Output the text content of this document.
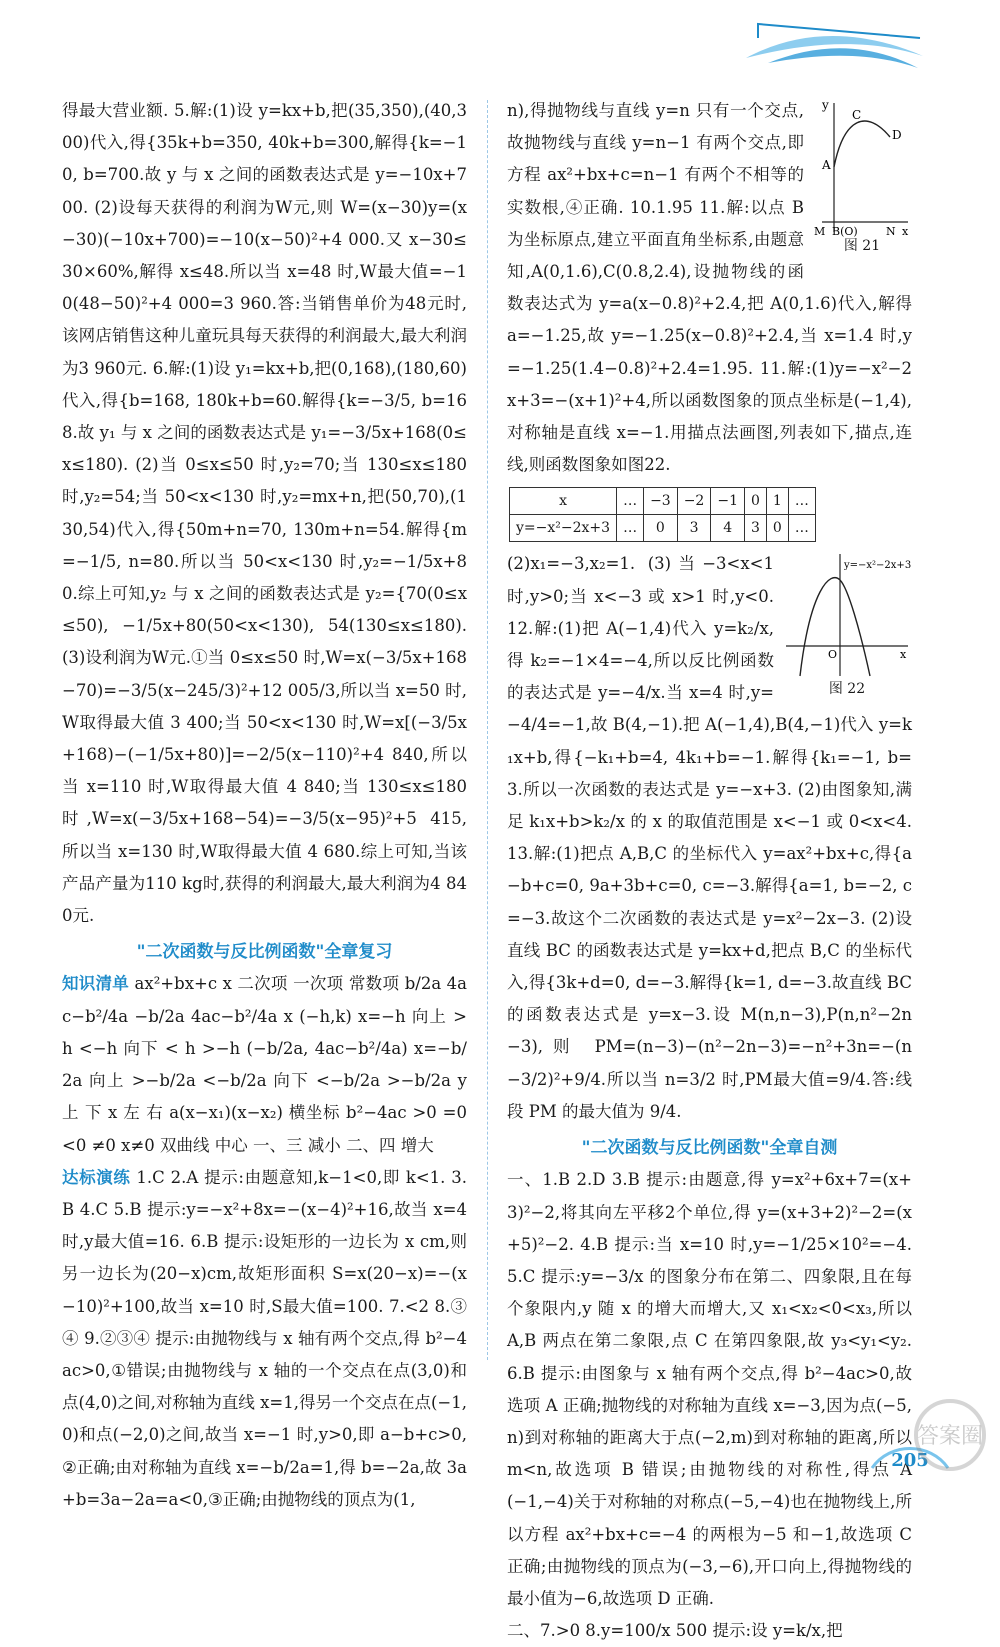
得最大营业额. 5.解:(1)设 y=kx+b,把(35,350),(40,300)代入,得{35k+b=350, 40k+b=300,解得{k=−10, b=700.故 y 与 x 之间的函数表达式是 y=−10x+700. (2)设每天获得的利润为W元,则 W=(x−30)y=(x−30)(−10x+700)=−10(x−50)²+4 000.又 x−30≤30×60%,解得 x≤48.所以当 x=48 时,W最大值=−10(48−50)²+4 000=3 960.答:当销售单价为48元时,该网店销售这种儿童玩具每天获得的利润最大,最大利润为3 960元. 6.解:(1)设 y₁=kx+b,把(0,168),(180,60)代入,得{b=168, 180k+b=60.解得{k=−3/5, b=168.故 y₁ 与 x 之间的函数表达式是 y₁=−3/5x+168(0≤x≤180). (2)当 0≤x≤50 时,y₂=70;当 130≤x≤180 时,y₂=54;当 50<x<130 时,y₂=mx+n,把(50,70),(130,54)代入,得{50m+n=70, 130m+n=54.解得{m=−1/5, n=80.所以当 50<x<130 时,y₂=−1/5x+80.综上可知,y₂ 与 x 之间的函数表达式是 y₂={70(0≤x≤50), −1/5x+80(50<x<130), 54(130≤x≤180). (3)设利润为W元.①当 0≤x≤50 时,W=x(−3/5x+168−70)=−3/5(x−245/3)²+12 005/3,所以当 x=50 时,W取得最大值 3 400;当 50<x<130 时,W=x[(−3/5x+168)−(−1/5x+80)]=−2/5(x−110)²+4 840,所以当 x=110 时,W取得最大值 4 840;当 130≤x≤180 时,W=x(−3/5x+168−54)=−3/5(x−95)²+5 415,所以当 x=130 时,W取得最大值 4 680.综上可知,当该产品产量为110 kg时,获得的利润最大,最大利润为4 840元.

"二次函数与反比例函数"全章复习

知识清单 ax²+bx+c x 二次项 一次项 常数项 b/2a 4ac−b²/4a −b/2a 4ac−b²/4a x (−h,k) x=−h 向上 > h <−h 向下 < h >−h (−b/2a, 4ac−b²/4a) x=−b/2a 向上 >−b/2a <−b/2a 向下 <−b/2a >−b/2a y 上 下 x 左 右 a(x−x₁)(x−x₂) 横坐标 b²−4ac >0 =0 <0 ≠0 x≠0 双曲线 中心 一、三 减小 二、四 增大

达标演练 1.C 2.A 提示:由题意知,k−1<0,即 k<1. 3.B 4.C 5.B 提示:y=−x²+8x=−(x−4)²+16,故当 x=4 时,y最大值=16. 6.B 提示:设矩形的一边长为 x cm,则另一边长为(20−x)cm,故矩形面积 S=x(20−x)=−(x−10)²+100,故当 x=10 时,S最大值=100. 7.<2 8.③④ 9.②③④ 提示:由抛物线与 x 轴有两个交点,得 b²−4ac>0,①错误;由抛物线与 x 轴的一个交点在点(3,0)和点(4,0)之间,对称轴为直线 x=1,得另一个交点在点(−1,0)和点(−2,0)之间,故当 x=−1 时,y>0,即 a−b+c>0,②正确;由对称轴为直线 x=−b/2a=1,得 b=−2a,故 3a+b=3a−2a=a<0,③正确;由抛物线的顶点为(1,

y
C
D
A
M B(O)	N x
图 21

n),得抛物线与直线 y=n 只有一个交点,故抛物线与直线 y=n−1 有两个交点,即方程 ax²+bx+c=n−1 有两个不相等的实数根,④正确. 10.1.95 11.解:以点 B 为坐标原点,建立平面直角坐标系,由题意知,A(0,1.6),C(0.8,2.4),设抛物线的函数表达式为 y=a(x−0.8)²+2.4,把 A(0,1.6)代入,解得 a=−1.25,故 y=−1.25(x−0.8)²+2.4,当 x=1.4 时,y=−1.25(1.4−0.8)²+2.4=1.95. 11.解:(1)y=−x²−2x+3=−(x+1)²+4,所以函数图象的顶点坐标是(−1,4),对称轴是直线 x=−1.用描点法画图,列表如下,描点,连线,则函数图象如图22.

x	…	−3	−2	−1	0	1	…
y=−x²−2x+3	…	0	3	4	3	0	…
y=−x²−2x+3
O	x
图 22

(2)x₁=−3,x₂=1. (3)当−3<x<1 时,y>0;当 x<−3 或 x>1 时,y<0. 12.解:(1)把 A(−1,4)代入 y=k₂/x,得 k₂=−1×4=−4,所以反比例函数的表达式是 y=−4/x.当 x=4 时,y=−4/4=−1,故 B(4,−1).把 A(−1,4),B(4,−1)代入 y=k₁x+b,得{−k₁+b=4, 4k₁+b=−1.解得{k₁=−1, b=3.所以一次函数的表达式是 y=−x+3. (2)由图象知,满足 k₁x+b>k₂/x 的 x 的取值范围是 x<−1 或 0<x<4. 13.解:(1)把点 A,B,C 的坐标代入 y=ax²+bx+c,得{a−b+c=0, 9a+3b+c=0, c=−3.解得{a=1, b=−2, c=−3.故这个二次函数的表达式是 y=x²−2x−3. (2)设直线 BC 的函数表达式是 y=kx+d,把点 B,C 的坐标代入,得{3k+d=0, d=−3.解得{k=1, d=−3.故直线 BC 的函数表达式是 y=x−3.设 M(n,n−3),P(n,n²−2n−3),则 PM=(n−3)−(n²−2n−3)=−n²+3n=−(n−3/2)²+9/4.所以当 n=3/2 时,PM最大值=9/4.答:线段 PM 的最大值为 9/4.

"二次函数与反比例函数"全章自测

一、1.B 2.D 3.B 提示:由题意,得 y=x²+6x+7=(x+3)²−2,将其向左平移2个单位,得 y=(x+3+2)²−2=(x+5)²−2. 4.B 提示:当 x=10 时,y=−1/25×10²=−4. 5.C 提示:y=−3/x 的图象分布在第二、四象限,且在每个象限内,y 随 x 的增大而增大,又 x₁<x₂<0<x₃,所以 A,B 两点在第二象限,点 C 在第四象限,故 y₃<y₁<y₂. 6.B 提示:由图象与 x 轴有两个交点,得 b²−4ac>0,故选项 A 正确;抛物线的对称轴为直线 x=−3,因为点(−5,n)到对称轴的距离大于点(−2,m)到对称轴的距离,所以 m<n,故选项 B 错误;由抛物线的对称性,得点 A(−1,−4)关于对称轴的对称点(−5,−4)也在抛物线上,所以方程 ax²+bx+c=−4 的两根为−5 和−1,故选项 C 正确;由抛物线的顶点为(−3,−6),开口向上,得抛物线的最小值为−6,故选项 D 正确.

二、7.>0 8.y=100/x 500 提示:设 y=k/x,把

205
答案圈
